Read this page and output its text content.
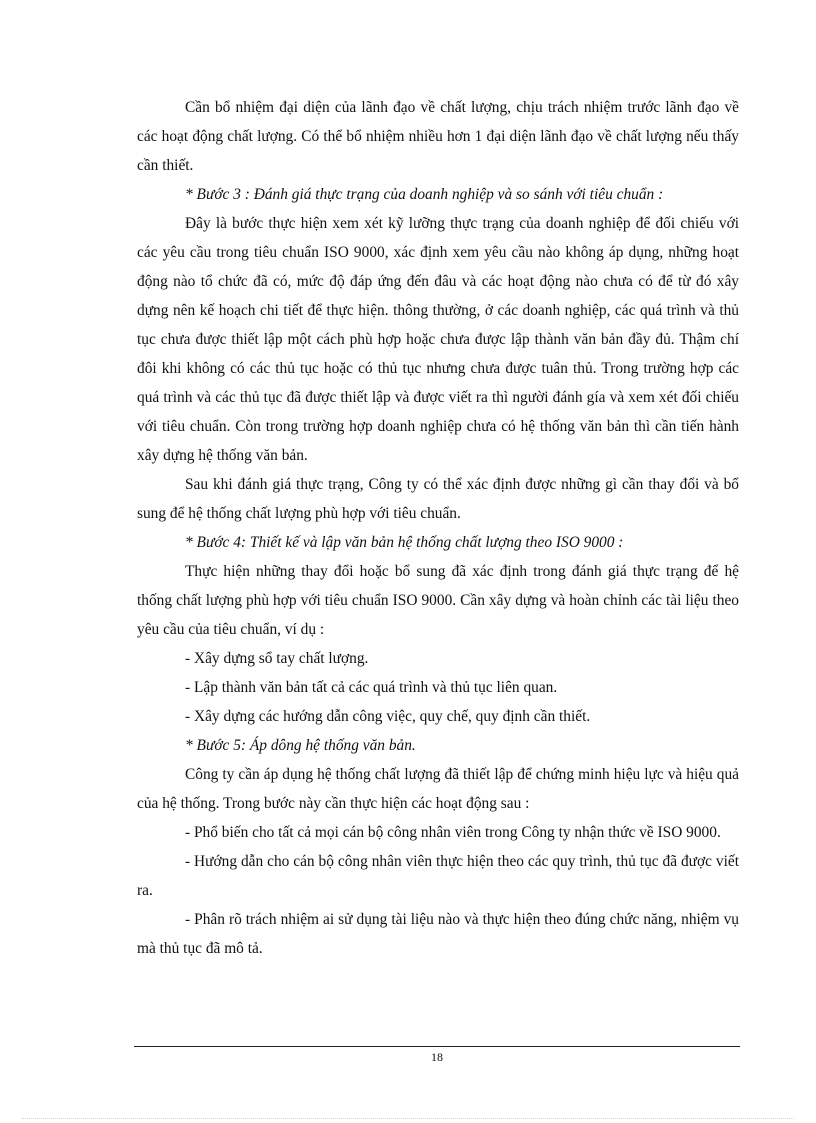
Cần bổ nhiệm đại diện của lãnh đạo về chất lượng, chịu trách nhiệm trước lãnh đạo về các hoạt động chất lượng. Có thể bổ nhiệm nhiều hơn 1 đại diện lãnh đạo về chất lượng nếu thấy cần thiết.

* Bước 3 : Đánh giá thực trạng của doanh nghiệp và so sánh với tiêu chuẩn :

Đây là bước thực hiện xem xét kỹ lưỡng thực trạng của doanh nghiệp để đối chiếu với các yêu cầu trong tiêu chuẩn ISO 9000, xác định xem yêu cầu nào không áp dụng, những hoạt động nào tổ chức đã có, mức độ đáp ứng đến đâu và các hoạt động nào chưa có để từ đó xây dựng nên kế hoạch chi tiết để thực hiện. thông thường, ở các doanh nghiệp, các quá trình và thủ tục chưa được thiết lập một cách phù hợp hoặc chưa được lập thành văn bản đầy đủ. Thậm chí đôi khi không có các thủ tục hoặc có thủ tục nhưng chưa được tuân thủ. Trong trường hợp các quá trình và các thủ tục đã được thiết lập và được viết ra thì người đánh gía và xem xét đối chiếu với tiêu chuẩn. Còn trong trường hợp doanh nghiệp chưa có hệ thống văn bản thì cần tiến hành xây dựng hệ thống văn bản.

Sau khi đánh giá thực trạng, Công ty có thể xác định được những gì cần thay đổi và bổ sung để hệ thống chất lượng phù hợp với tiêu chuẩn.

* Bước 4: Thiết kế và lập văn bản hệ thống chất lượng theo ISO 9000 :

Thực hiện những thay đổi hoặc bổ sung đã xác định trong đánh giá thực trạng để hệ thống chất lượng phù hợp với tiêu chuẩn ISO 9000. Cần xây dựng và hoàn chỉnh các tài liệu theo yêu cầu của tiêu chuẩn, ví dụ :

- Xây dựng sổ tay chất lượng.

- Lập thành văn bản tất cả các quá trình và thủ tục liên quan.

- Xây dựng các hướng dẫn công việc, quy chế, quy định cần thiết.

* Bước 5: Áp dông hệ thống văn bản.

Công ty cần áp dụng hệ thống chất lượng đã thiết lập để chứng minh hiệu lực và hiệu quả của hệ thống. Trong bước này cần thực hiện các hoạt động sau :

- Phổ biến cho tất cả mọi cán bộ công nhân viên trong Công ty nhận thức về ISO 9000.

- Hướng dẫn cho cán bộ công nhân viên thực hiện theo các quy trình, thủ tục đã được viết ra.

- Phân rõ trách nhiệm ai sử dụng tài liệu nào và thực hiện theo đúng chức năng, nhiệm vụ mà thủ tục đã mô tả.

18
